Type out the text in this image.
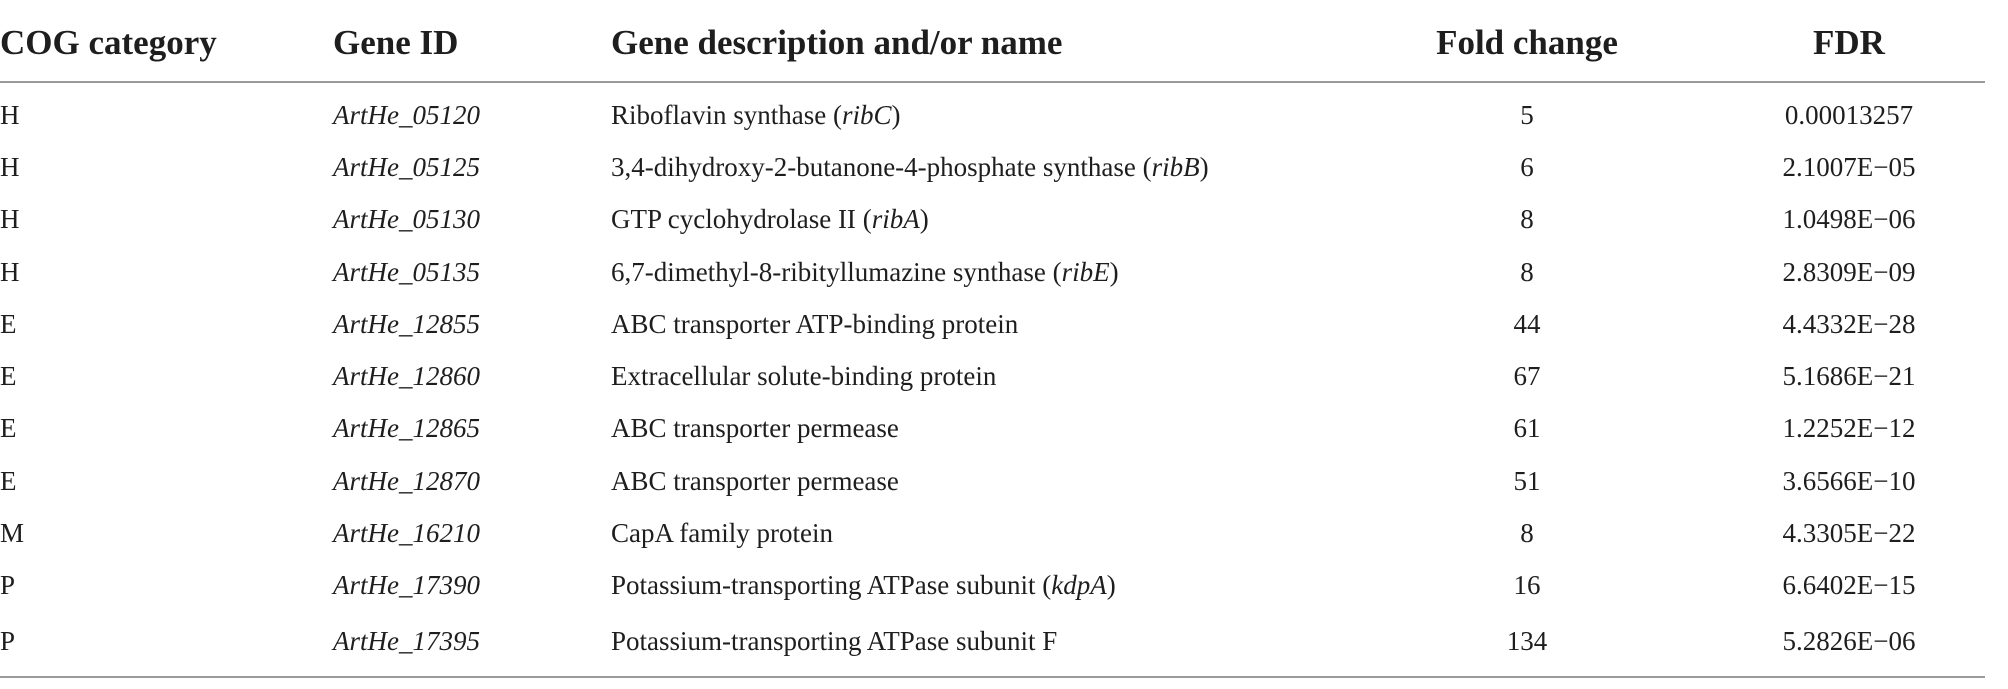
COG category	Gene ID	Gene description and/or name	Fold change	FDR
H	ArtHe_05120	Riboflavin synthase (ribC)	5	0.00013257
H	ArtHe_05125	3,4-dihydroxy-2-butanone-4-phosphate synthase (ribB)	6	2.1007E−05
H	ArtHe_05130	GTP cyclohydrolase II (ribA)	8	1.0498E−06
H	ArtHe_05135	6,7-dimethyl-8-ribityllumazine synthase (ribE)	8	2.8309E−09
E	ArtHe_12855	ABC transporter ATP-binding protein	44	4.4332E−28
E	ArtHe_12860	Extracellular solute-binding protein	67	5.1686E−21
E	ArtHe_12865	ABC transporter permease	61	1.2252E−12
E	ArtHe_12870	ABC transporter permease	51	3.6566E−10
M	ArtHe_16210	CapA family protein	8	4.3305E−22
P	ArtHe_17390	Potassium-transporting ATPase subunit (kdpA)	16	6.6402E−15
P	ArtHe_17395	Potassium-transporting ATPase subunit F	134	5.2826E−06
